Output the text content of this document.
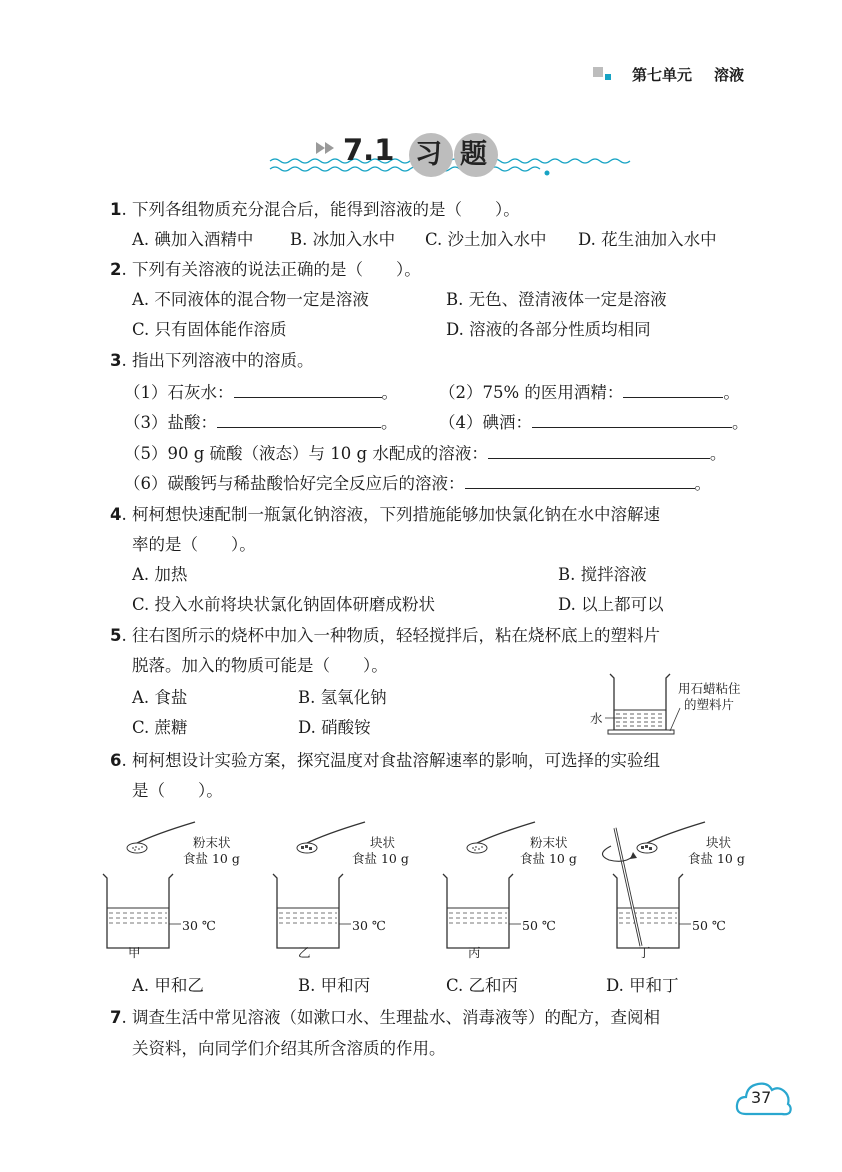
第七单元 溶液
7.1 习 题
1. 下列各组物质充分混合后，能得到溶液的是（　　）。
A. 碘加入酒精中 B. 冰加入水中 C. 沙土加入水中 D. 花生油加入水中
2. 下列有关溶液的说法正确的是（　　）。
A. 不同液体的混合物一定是溶液	B. 无色、澄清液体一定是溶液
C. 只有固体能作溶质	D. 溶液的各部分性质均相同
3. 指出下列溶液中的溶质。
（1）石灰水：	。 （2）75% 的医用酒精：	。
（3）盐酸：	。	（4）碘酒：	。
（5）90 g 硫酸（液态）与 10 g 水配成的溶液：	。
（6）碳酸钙与稀盐酸恰好完全反应后的溶液：	。
4. 柯柯想快速配制一瓶氯化钠溶液，下列措施能够加快氯化钠在水中溶解速
率的是（　　）。
A. 加热	B. 搅拌溶液
C. 投入水前将块状氯化钠固体研磨成粉状	D. 以上都可以
5. 往右图所示的烧杯中加入一种物质，轻轻搅拌后，粘在烧杯底上的塑料片
脱落。加入的物质可能是（　　）。
A. 食盐	B. 氢氧化钠
C. 蔗糖	D. 硝酸铵
用石蜡粘住
的塑料片
水
6. 柯柯想设计实验方案，探究温度对食盐溶解速率的影响，可选择的实验组
是（　　）。
粉末状
食盐 10 g
30 ℃
甲
块状
食盐 10 g
30 ℃
乙
粉末状
食盐 10 g
50 ℃
丙
块状
食盐 10 g
50 ℃
丁
A. 甲和乙	B. 甲和丙	C. 乙和丙	D. 甲和丁
7. 调查生活中常见溶液（如漱口水、生理盐水、消毒液等）的配方，查阅相
关资料，向同学们介绍其所含溶质的作用。
37
